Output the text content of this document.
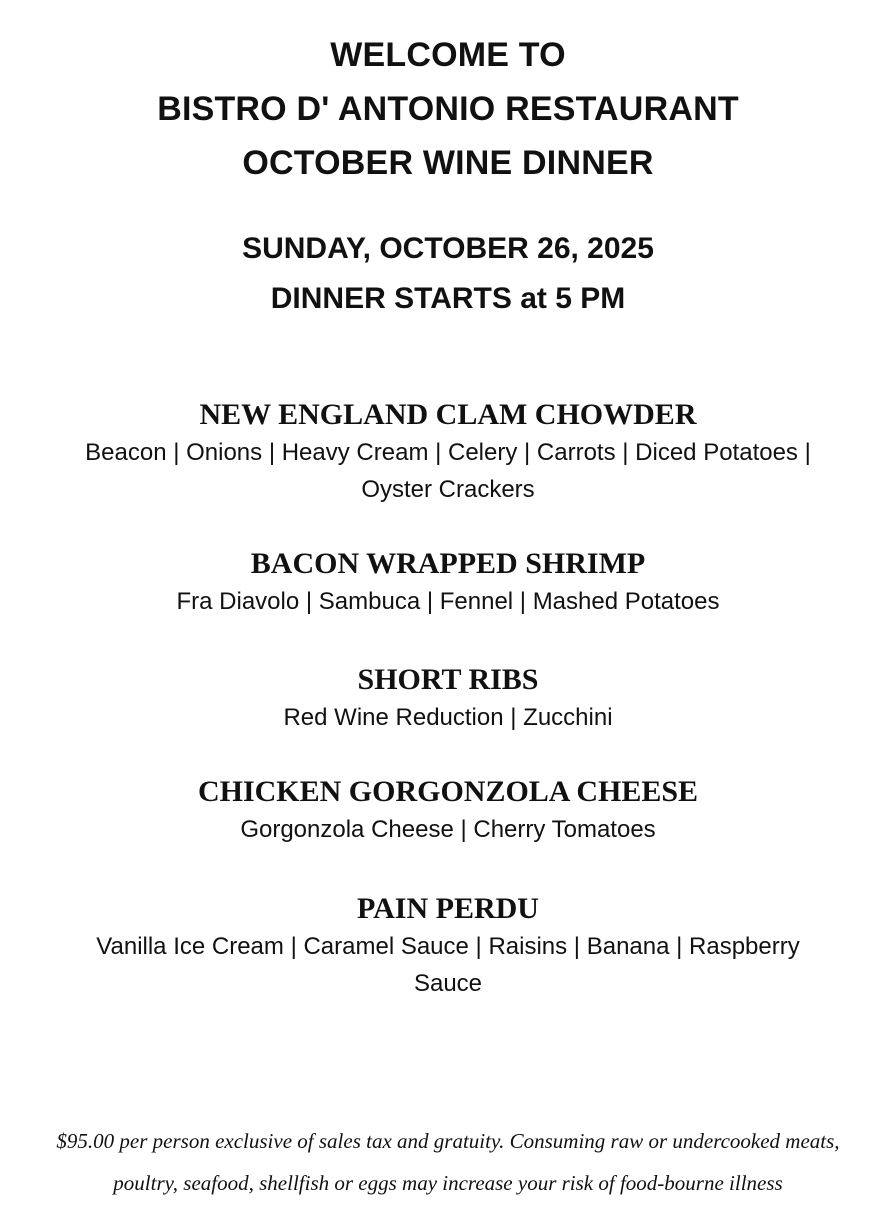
WELCOME TO
BISTRO D' ANTONIO RESTAURANT
OCTOBER WINE DINNER
SUNDAY, OCTOBER 26, 2025
DINNER STARTS at 5 PM
NEW ENGLAND CLAM CHOWDER
Beacon | Onions | Heavy Cream | Celery | Carrots | Diced Potatoes |
Oyster Crackers
BACON WRAPPED SHRIMP
Fra Diavolo | Sambuca | Fennel | Mashed Potatoes
SHORT RIBS
Red Wine Reduction | Zucchini
CHICKEN GORGONZOLA CHEESE
Gorgonzola Cheese | Cherry Tomatoes
PAIN PERDU
Vanilla Ice Cream | Caramel Sauce | Raisins | Banana | Raspberry
Sauce
$95.00 per person exclusive of sales tax and gratuity. Consuming raw or undercooked meats,
poultry, seafood, shellfish or eggs may increase your risk of food-bourne illness
